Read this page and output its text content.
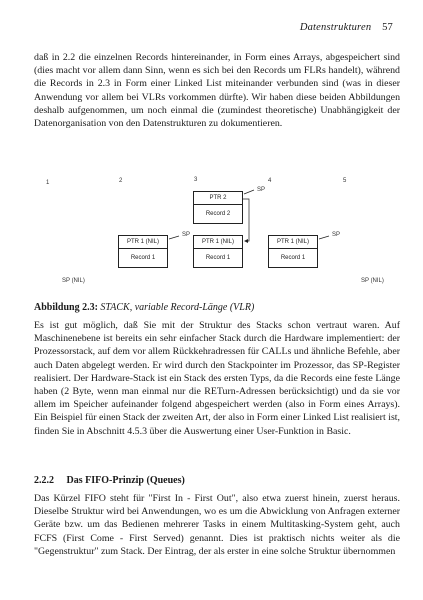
Datenstrukturen 57

daß in 2.2 die einzelnen Records hintereinander, in Form eines Arrays, abgespeichert sind (dies macht vor allem dann Sinn, wenn es sich bei den Records um FLRs handelt), während die Records in 2.3 in Form einer Linked List miteinander verbunden sind (was in dieser Anwendung vor allem bei VLRs vorkommen dürfte). Wir haben diese beiden Abbildungen deshalb aufgenommen, um noch einmal die (zumindest theoretische) Unabhängigkeit der Datenorganisation von den Datenstrukturen zu dokumentieren.

1	2	3	4	5
PTR 1 (NIL)
Record 1
PTR 2
Record 2
PTR 1 (NIL)
Record 1
PTR 1 (NIL)
Record 1
SP
SP	SP
SP (NIL)	SP (NIL)

Abbildung 2.3: STACK, variable Record-Länge (VLR)

Es ist gut möglich, daß Sie mit der Struktur des Stacks schon vertraut waren. Auf Maschinenebene ist bereits ein sehr einfacher Stack durch die Hardware implementiert: der Prozessorstack, auf dem vor allem Rückkehradressen für CALLs und ähnliche Befehle, aber auch Daten abgelegt werden. Er wird durch den Stackpointer im Prozessor, das SP-Register realisiert. Der Hardware-Stack ist ein Stack des ersten Typs, da die Records eine feste Länge haben (2 Byte, wenn man einmal nur die RETurn-Adressen berücksichtigt) und da sie vor allem im Speicher aufeinander folgend abgespeichert werden (also in Form eines Arrays). Ein Beispiel für einen Stack der zweiten Art, der also in Form einer Linked List realisiert ist, finden Sie in Abschnitt 4.5.3 über die Auswertung einer User-Funktion in Basic.

2.2.2 Das FIFO-Prinzip (Queues)

Das Kürzel FIFO steht für "First In - First Out", also etwa zuerst hinein, zuerst heraus. Dieselbe Struktur wird bei Anwendungen, wo es um die Abwicklung von Anfragen externer Geräte bzw. um das Bedienen mehrerer Tasks in einem Multitasking-System geht, auch FCFS (First Come - First Served) genannt. Dies ist praktisch nichts weiter als die "Gegenstruktur" zum Stack. Der Eintrag, der als erster in eine solche Struktur übernommen
